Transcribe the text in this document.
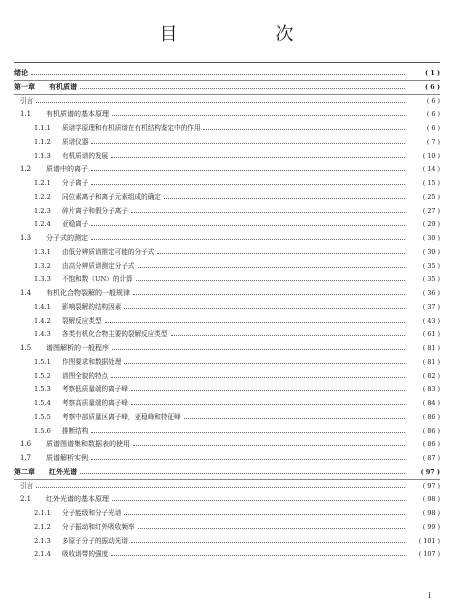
目　次
绪论	( 1 )
第一章 有机质谱	( 6 )
引言	( 6 )
1.1	有机质谱的基本原理	( 6 )
1.1.1	质谱学原理和有机质谱在有机结构鉴定中的作用	( 6 )
1.1.2	质谱仪器	( 7 )
1.1.3	有机质谱的发展	( 10 )
1.2	质谱中的离子	( 14 )
1.2.1	分子离子	( 15 )
1.2.2	同位素离子和离子元素组成的确定	( 25 )
1.2.3	碎片离子和假分子离子	( 27 )
1.2.4	亚稳离子	( 29 )
1.3	分子式的测定	( 30 )
1.3.1	由低分辨质谱推定可能的分子式	( 30 )
1.3.2	由高分辨质谱测定分子式	( 35 )
1.3.3	不饱和数（UN）的计算	( 35 )
1.4	有机化合物裂解的一般规律	( 36 )
1.4.1	影响裂解的结构因素	( 37 )
1.4.2	裂解反应类型	( 43 )
1.4.3	各类有机化合物主要的裂解反应类型	( 61 )
1.5	谱图解析的一般程序	( 81 )
1.5.1	作图要求和数据处理	( 81 )
1.5.2	谱图全貌的特点	( 82 )
1.5.3	考察低质量端的离子峰	( 83 )
1.5.4	考察高质量端的离子峰	( 84 )
1.5.5	考察中部质量区离子峰，亚稳峰和特征峰	( 86 )
1.5.6	推断结构	( 86 )
1.6	质谱图谱集和数据表的使用	( 86 )
1.7	质谱解析实例	( 87 )
第二章 红外光谱	( 97 )
引言	( 97 )
2.1	红外光谱的基本原理	( 98 )
2.1.1	分子能级和分子光谱	( 98 )
2.1.2	分子振动和红外吸收频率	( 99 )
2.1.3	多原子分子的振动光谱	( 101 )
2.1.4	吸收谱带的强度	( 107 )
Ⅰ
